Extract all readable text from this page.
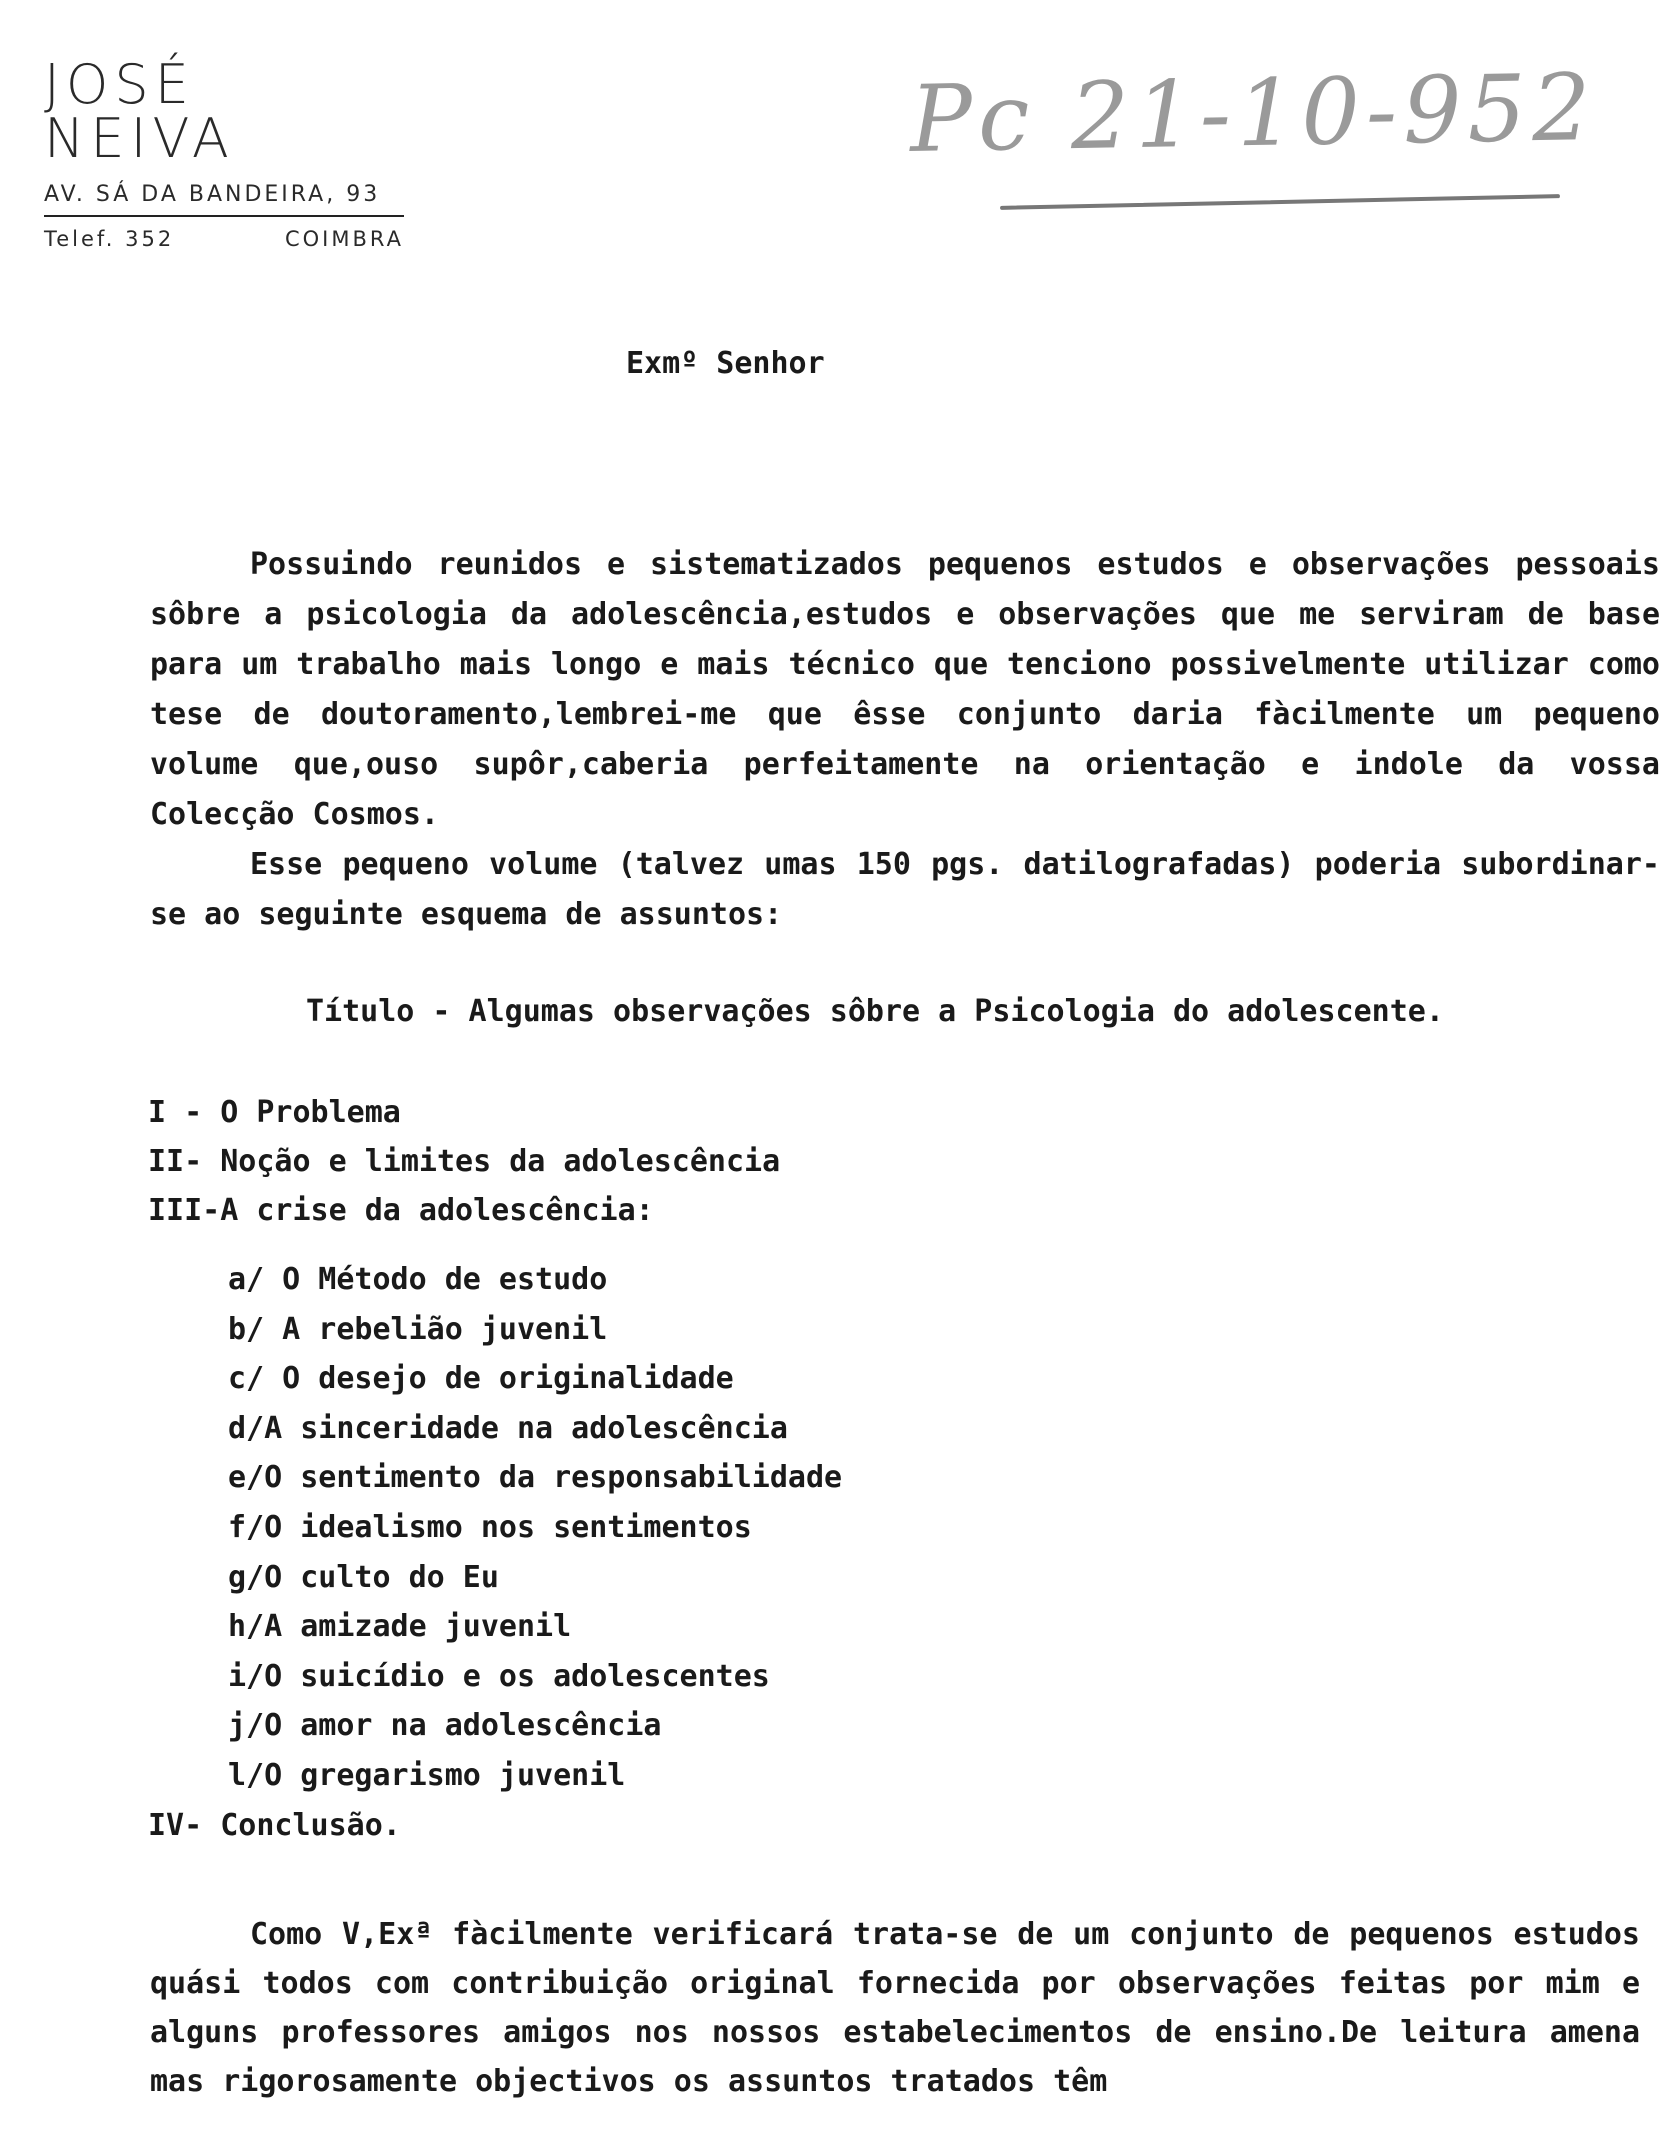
JOSÉ NEIVA
AV. SÁ DA BANDEIRA, 93
Telef. 352	COIMBRA
Pc 21-10-952
Exmº Senhor

Possuindo reunidos e sistematizados pequenos estudos e observações pessoais sôbre a psicologia da adolescência,estudos e observações que me serviram de base para um trabalho mais longo e mais técnico que tenciono possivelmente utilizar como tese de doutoramento,lembrei-me que êsse conjunto daria fàcilmente um pequeno volume que,ouso supôr,caberia perfeitamente na orientação e indole da vossa Colecção Cosmos.

Esse pequeno volume (talvez umas 150 pgs. datilografadas) poderia subordinar-se ao seguinte esquema de assuntos:

Título - Algumas observações sôbre a Psicologia do adolescente.
I - O Problema
II- Noção e limites da adolescência
III-A crise da adolescência:
a/ O Método de estudo
b/ A rebelião juvenil
c/ O desejo de originalidade
d/A sinceridade na adolescência
e/O sentimento da responsabilidade
f/O idealismo nos sentimentos
g/O culto do Eu
h/A amizade juvenil
i/O suicídio e os adolescentes
j/O amor na adolescência
l/O gregarismo juvenil
IV- Conclusão.

Como V,Exª fàcilmente verificará trata-se de um conjunto de pequenos estudos quási todos com contribuição original fornecida por observações feitas por mim e alguns professores amigos nos nossos estabelecimentos de ensino.De leitura amena mas rigorosamente objectivos os assuntos tratados têm
